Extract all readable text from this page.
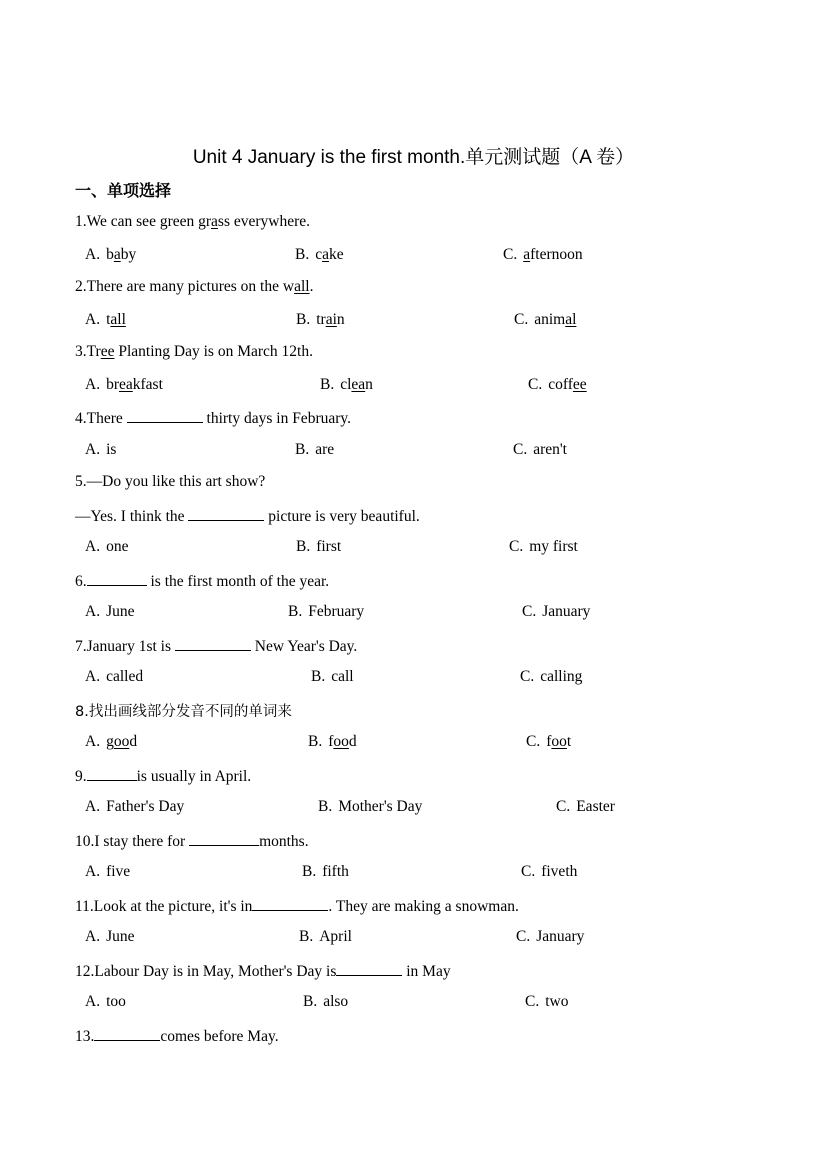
Unit 4 January is the first month.单元测试题（A 卷）
一、单项选择
1.We can see green grass everywhere.
A. baby	B. cake	C. afternoon
2.There are many pictures on the wall.
A. tall	B. train	C. animal
3.Tree Planting Day is on March 12th.
A. breakfast	B. clean	C. coffee
4.There	thirty days in February.
A. is	B. are	C. aren't
5.—Do you like this art show?
—Yes. I think the	picture is very beautiful.
A. one	B. first	C. my first
6.	is the first month of the year.
A. June	B. February	C. January
7.January 1st is	New Year's Day.
A. called	B. call	C. calling
8.找出画线部分发音不同的单词来
A. good	B. food	C. foot
9.	is usually in April.
A. Father's Day	B. Mother's Day	C. Easter
10.I stay there for	months.
A. five	B. fifth	C. fiveth
11.Look at the picture, it's in	. They are making a snowman.
A. June	B. April	C. January
12.Labour Day is in May, Mother's Day is	in May
A. too	B. also	C. two
13.	comes before May.
